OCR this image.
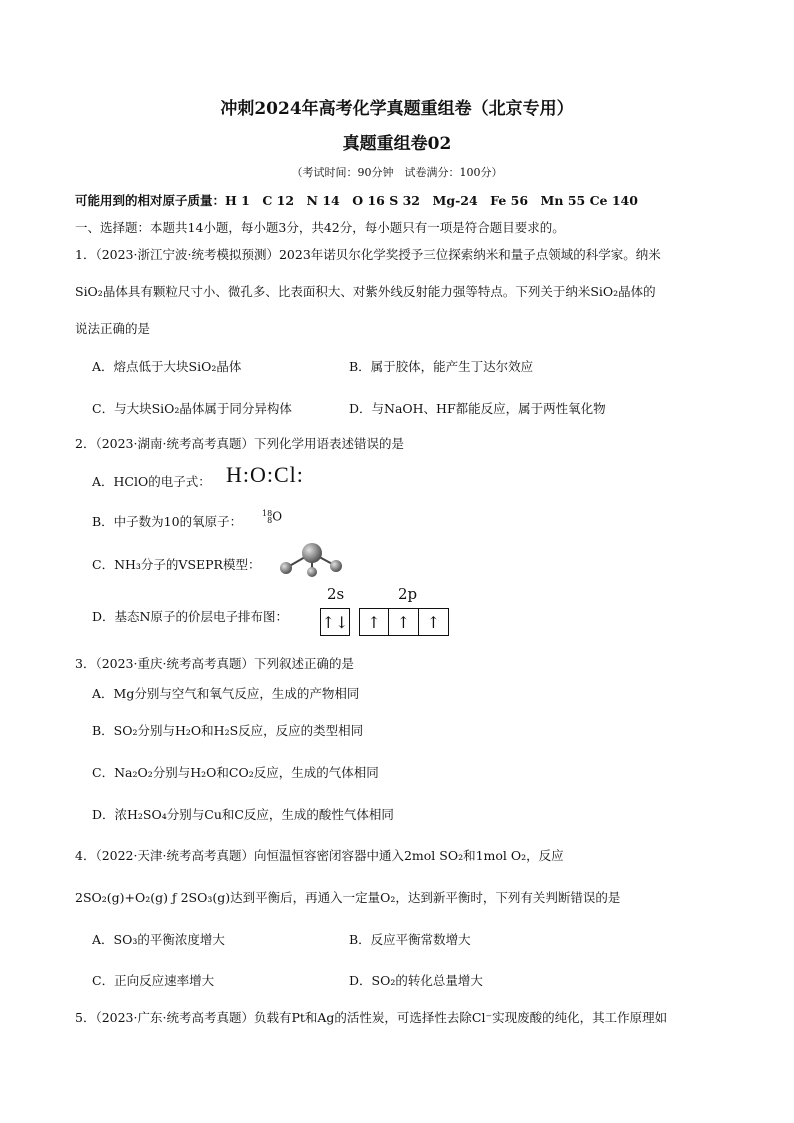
冲刺2024年高考化学真题重组卷（北京专用）
真题重组卷02
（考试时间：90分钟　试卷满分：100分）
可能用到的相对原子质量：H 1　C 12　N 14　O 16 S 32　Mg-24　Fe 56　Mn 55 Ce 140
一、选择题：本题共14小题，每小题3分，共42分，每小题只有一项是符合题目要求的。
1．（2023·浙江宁波·统考模拟预测）2023年诺贝尔化学奖授予三位探索纳米和量子点领域的科学家。纳米
SiO₂晶体具有颗粒尺寸小、微孔多、比表面积大、对紫外线反射能力强等特点。下列关于纳米SiO₂晶体的
说法正确的是
A．熔点低于大块SiO₂晶体	B．属于胶体，能产生丁达尔效应
C．与大块SiO₂晶体属于同分异构体	D．与NaOH、HF都能反应，属于两性氧化物
2．（2023·湖南·统考高考真题）下列化学用语表述错误的是
A．HClO的电子式： H:O:Cl:
B．中子数为10的氧原子：
18
8O
C．NH₃分子的VSEPR模型：
2s	2p
D．基态N原子的价层电子排布图： ↑↓	↑	↑	↑
3．（2023·重庆·统考高考真题）下列叙述正确的是
A．Mg分别与空气和氧气反应，生成的产物相同
B．SO₂分别与H₂O和H₂S反应，反应的类型相同
C．Na₂O₂分别与H₂O和CO₂反应，生成的气体相同
D．浓H₂SO₄分别与Cu和C反应，生成的酸性气体相同
4．（2022·天津·统考高考真题）向恒温恒容密闭容器中通入2mol SO₂和1mol O₂，反应
2SO₂(g)+O₂(g) ƒ 2SO₃(g)达到平衡后，再通入一定量O₂，达到新平衡时，下列有关判断错误的是
A．SO₃的平衡浓度增大	B．反应平衡常数增大
C．正向反应速率增大	D．SO₂的转化总量增大
5．（2023·广东·统考高考真题）负载有Pt和Ag的活性炭，可选择性去除Cl⁻实现废酸的纯化，其工作原理如
